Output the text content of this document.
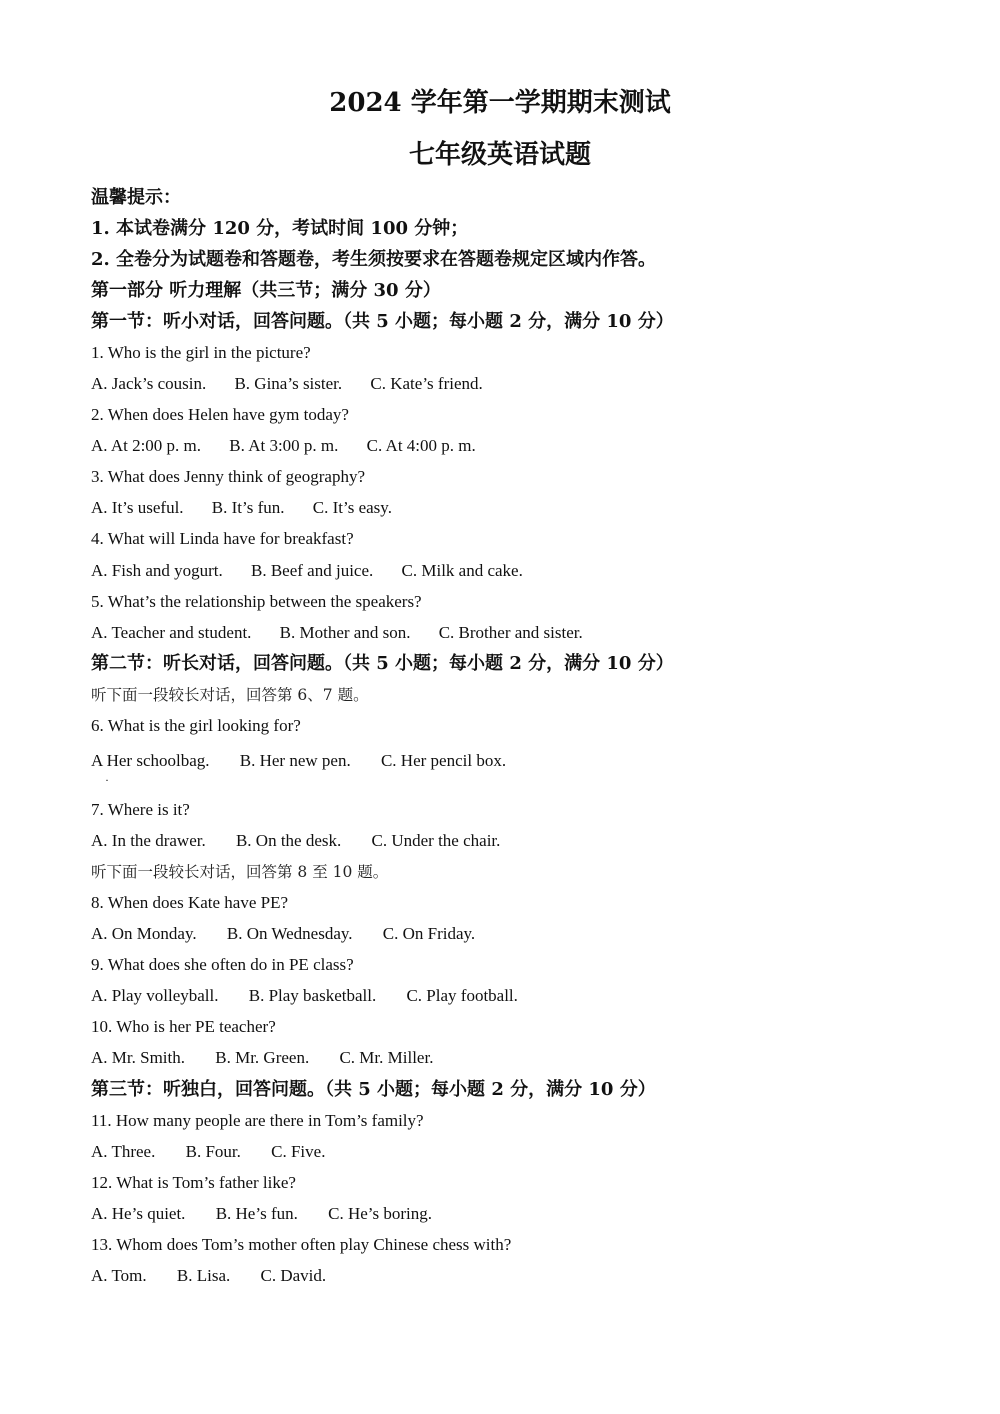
2024 学年第一学期期末测试
七年级英语试题
温馨提示：
1. 本试卷满分 120 分，考试时间 100 分钟；
2. 全卷分为试题卷和答题卷，考生须按要求在答题卷规定区域内作答。
第一部分 听力理解（共三节；满分 30 分）
第一节：听小对话，回答问题。（共 5 小题；每小题 2 分，满分 10 分）
1. Who is the girl in the picture?
A. Jack’s cousin. B. Gina’s sister. C. Kate’s friend.
2. When does Helen have gym today?
A. At 2:00 p. m. B. At 3:00 p. m. C. At 4:00 p. m.
3. What does Jenny think of geography?
A. It’s useful. B. It’s fun. C. It’s easy.
4. What will Linda have for breakfast?
A. Fish and yogurt. B. Beef and juice. C. Milk and cake.
5. What’s the relationship between the speakers?
A. Teacher and student. B. Mother and son. C. Brother and sister.
第二节：听长对话，回答问题。（共 5 小题；每小题 2 分，满分 10 分）
听下面一段较长对话，回答第 6、7 题。
6. What is the girl looking for?
A Her schoolbag. B. Her new pen. C. Her pencil box.
·
7. Where is it?
A. In the drawer. B. On the desk. C. Under the chair.
听下面一段较长对话，回答第 8 至 10 题。
8. When does Kate have PE?
A. On Monday. B. On Wednesday. C. On Friday.
9. What does she often do in PE class?
A. Play volleyball. B. Play basketball. C. Play football.
10. Who is her PE teacher?
A. Mr. Smith. B. Mr. Green. C. Mr. Miller.
第三节：听独白，回答问题。（共 5 小题；每小题 2 分，满分 10 分）
11. How many people are there in Tom’s family?
A. Three. B. Four. C. Five.
12. What is Tom’s father like?
A. He’s quiet. B. He’s fun. C. He’s boring.
13. Whom does Tom’s mother often play Chinese chess with?
A. Tom. B. Lisa. C. David.
